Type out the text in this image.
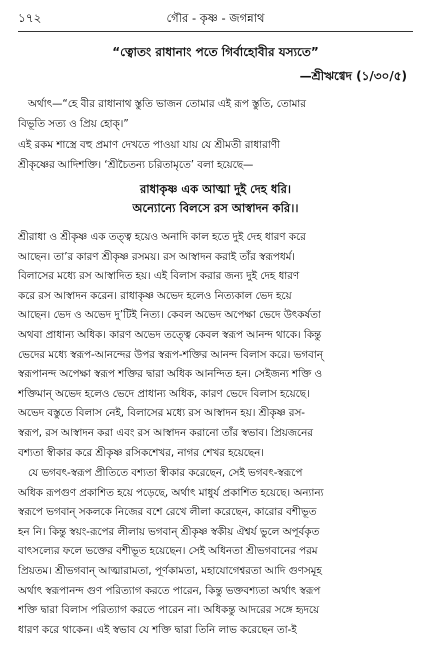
১৭২	গৌর - কৃষ্ণ - জগন্নাথ
“ত্বোতং রাধানাং পতে গির্বাহোবীর যস্যতে”
—শ্রীঋগ্বেদ (১/৩০/৫)
অর্থাৎ—“হে বীর রাধানাথ স্তুতি ভাজন তোমার এই রূপ স্তুতি, তোমার
বিভূতি সত্য ও প্রিয় হোক্।”
এই রকম শাস্ত্রে বহু প্রমাণ দেখতে পাওয়া যায় যে শ্রীমতী রাধারাণী
শ্রীকৃষ্ণের আদিশক্তি। ‘শ্রীচৈতন্য চরিতামৃতে’ বলা হয়েছে—
রাধাকৃষ্ণ এক আত্মা দুই দেহ ধরি।
অন্যোন্যে বিলসে রস আস্বাদন করি।।
শ্রীরাধা ও শ্রীকৃষ্ণ এক তত্ত্ব হয়েও অনাদি কাল হতে দুই দেহ ধারণ করে
আছেন। তা’র কারণ শ্রীকৃষ্ণ রসময়। রস আস্বাদন করাই তাঁর স্বরূপধর্ম।
বিলাসের মধ্যে রস আস্বাদিত হয়। এই বিলাস করার জন্য দুই দেহ ধারণ
করে রস আস্বাদন করেন। রাধাকৃষ্ণ অভেদ হলেও নিত্যকাল ভেদ হয়ে
আছেন। ভেদ ও অভেদ দু’টিই নিত্য। কেবল অভেদ অপেক্ষা ভেদে উৎকর্ষতা
অথবা প্রাধান্য অধিক। কারণ অভেদ তত্ত্বে কেবল স্বরূপ আনন্দ থাকে। কিন্তু
ভেদের মধ্যে স্বরূপ-আনন্দের উপর স্বরূপ-শক্তির আনন্দ বিলাস করে। ভগবান্
স্বরূপানন্দ অপেক্ষা স্বরূপ শক্তির দ্বারা অধিক আনন্দিত হন। সেইজন্য শক্তি ও
শক্তিমান্ অভেদ হলেও ভেদে প্রাধান্য অধিক, কারণ ভেদে বিলাস হয়েছে।
অভেদ বস্তুতে বিলাস নেই, বিলাসের মধ্যে রস আস্বাদন হয়। শ্রীকৃষ্ণ রস-
স্বরূপ, রস আস্বাদন করা এবং রস আস্বাদন করানো তাঁর স্বভাব। প্রিয়জনের
বশ্যতা স্বীকার করে শ্রীকৃষ্ণ রসিকশেখর, নাগর শেখর হয়েছেন।
যে ভগবৎ-স্বরূপ প্রীতিতে বশ্যতা স্বীকার করেছেন, সেই ভগবৎ-স্বরূপে
অধিক রূপগুণ প্রকাশিত হয়ে পড়েছে, অর্থাৎ মাধুর্য প্রকাশিত হয়েছে। অন্যান্য
স্বরূপে ভগবান্ সকলকে নিজের বশে রেখে লীলা করেছেন, কারোর বশীভূত
হন নি। কিন্তু স্বয়ং-রূপের লীলায় ভগবান্ শ্রীকৃষ্ণ স্বকীয় ঐশ্বর্য ভুলে অপূর্বকৃত
বাৎসল্যের ফলে ভক্তের বশীভূত হয়েছেন। সেই অধিনতা শ্রীভগবানের পরম
প্রিয়তম। শ্রীভগবান্ আত্মারামতা, পূর্ণকামতা, মহাযোগেশ্বরতা আদি গুণসমূহ
অর্থাৎ স্বরূপানন্দ গুণ পরিত্যাগ করতে পারেন, কিন্তু ভক্তবশ্যতা অর্থাৎ স্বরূপ
শক্তি দ্বারা বিলাস পরিত্যাগ করতে পারেন না। অধিকন্তু আদরের সঙ্গে হৃদয়ে
ধারণ করে থাকেন। এই স্বভাব যে শক্তি দ্বারা তিনি লাভ করেছেন তা-ই
